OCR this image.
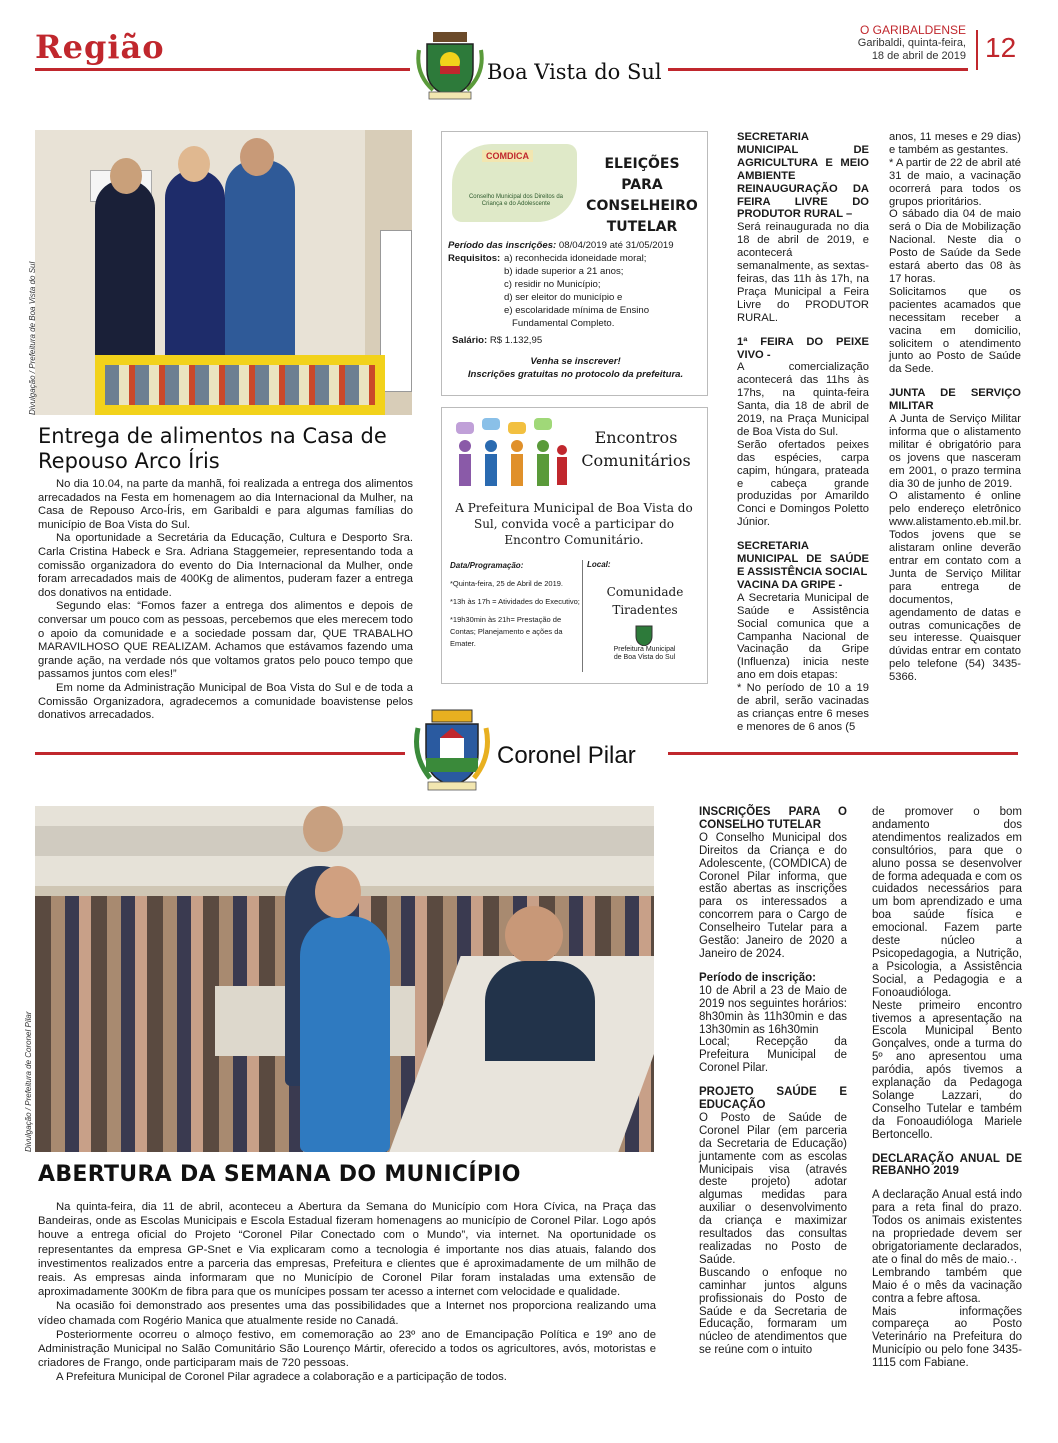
Região
Boa Vista do Sul
O GARIBALDENSE
Garibaldi, quinta-feira,
18 de abril de 2019 12
Divulgação / Prefeitura de Boa Vista do Sul
Entrega de alimentos na Casa de Repouso Arco Íris

No dia 10.04, na parte da manhã, foi realizada a entrega dos alimentos arrecadados na Festa em homenagem ao dia Internacional da Mulher, na Casa de Repouso Arco-Íris, em Garibaldi e para algumas famílias do município de Boa Vista do Sul.

Na oportunidade a Secretária da Educação, Cultura e Desporto Sra. Carla Cristina Habeck e Sra. Adriana Staggemeier, representando toda a comissão organizadora do evento do Dia Internacional da Mulher, onde foram arrecadados mais de 400Kg de alimentos, puderam fazer a entrega dos donativos na entidade.

Segundo elas: “Fomos fazer a entrega dos alimentos e depois de conversar um pouco com as pessoas, percebemos que eles merecem todo o apoio da comunidade e a sociedade possam dar, QUE TRABALHO MARAVILHOSO QUE REALIZAM. Achamos que estávamos fazendo uma grande ação, na verdade nós que voltamos gratos pelo pouco tempo que passamos juntos com eles!”

Em nome da Administração Municipal de Boa Vista do Sul e de toda a Comissão Organizadora, agradecemos a comunidade boavistense pelos donativos arrecadados.

COMDICA
Conselho Municipal dos Direitos da Criança e do Adolescente
ELEIÇÕES PARA CONSELHEIRO TUTELAR
Período das inscrições: 08/04/2019 até 31/05/2019
Requisitos: a) reconhecida idoneidade moral;
b) idade superior a 21 anos;
c) residir no Município;
d) ser eleitor do município e
e) escolaridade mínima de Ensino
Fundamental Completo.
Salário: R$ 1.132,95
Venha se inscrever!
Inscrições gratuitas no protocolo da prefeitura.
Encontros Comunitários
A Prefeitura Municipal de Boa Vista do Sul, convida você a participar do Encontro Comunitário.
Data/Programação:
*Quinta-feira, 25 de Abril de 2019.
*13h às 17h = Atividades do Executivo;
*19h30min às 21h= Prestação de Contas; Planejamento e ações da Emater.
Local:
Comunidade Tiradentes
Prefeitura Municipal
de Boa Vista do Sul

SECRETARIA MUNICIPAL DE AGRICULTURA E MEIO AMBIENTE

REINAUGURAÇÃO DA FEIRA LIVRE DO PRODUTOR RURAL –
Será reinaugurada no dia 18 de abril de 2019, e acontecerá semanalmente, as sextas-feiras, das 11h às 17h, na Praça Municipal a Feira Livre do PRODUTOR RURAL.

1ª FEIRA DO PEIXE VIVO -
A comercialização acontecerá das 11hs às 17hs, na quinta-feira Santa, dia 18 de abril de 2019, na Praça Municipal de Boa Vista do Sul.

Serão ofertados peixes das espécies, carpa capim, húngara, prateada e cabeça grande produzidas por Amarildo Conci e Domingos Poletto Júnior.

SECRETARIA MUNICIPAL DE SAÚDE E ASSISTÊNCIA SOCIAL

VACINA DA GRIPE -
A Secretaria Municipal de Saúde e Assistência Social comunica que a Campanha Nacional de Vacinação da Gripe (Influenza) inicia neste ano em dois etapas:

* No período de 10 a 19 de abril, serão vacinadas as crianças entre 6 meses e menores de 6 anos (5

anos, 11 meses e 29 dias) e também as gestantes.

* A partir de 22 de abril até 31 de maio, a vacinação ocorrerá para todos os grupos prioritários.

O sábado dia 04 de maio será o Dia de Mobilização Nacional. Neste dia o Posto de Saúde da Sede estará aberto das 08 às 17 horas.

Solicitamos que os pacientes acamados que necessitam receber a vacina em domicilio, solicitem o atendimento junto ao Posto de Saúde da Sede.

JUNTA DE SERVIÇO MILITAR

A Junta de Serviço Militar informa que o alistamento militar é obrigatório para os jovens que nasceram em 2001, o prazo termina dia 30 de junho de 2019.

O alistamento é online pelo endereço eletrônico www.alistamento.eb.mil.br. Todos jovens que se alistaram online deverão entrar em contato com a Junta de Serviço Militar para entrega de documentos, agendamento de datas e outras comunicações de seu interesse. Quaisquer dúvidas entrar em contato pelo telefone (54) 3435-5366.

Coronel Pilar
Divulgação / Prefeitura de Coronel Pilar
ABERTURA DA SEMANA DO MUNICÍPIO

Na quinta-feira, dia 11 de abril, aconteceu a Abertura da Semana do Município com Hora Cívica, na Praça das Bandeiras, onde as Escolas Municipais e Escola Estadual fizeram homenagens ao município de Coronel Pilar. Logo após houve a entrega oficial do Projeto “Coronel Pilar Conectado com o Mundo”, via internet. Na oportunidade os representantes da empresa GP-Snet e Via explicaram como a tecnologia é importante nos dias atuais, falando dos investimentos realizados entre a parceria das empresas, Prefeitura e clientes que é aproximadamente de um milhão de reais. As empresas ainda informaram que no Município de Coronel Pilar foram instaladas uma extensão de aproximadamente 300Km de fibra para que os munícipes possam ter acesso a internet com velocidade e qualidade.

Na ocasião foi demonstrado aos presentes uma das possibilidades que a Internet nos proporciona realizando uma vídeo chamada com Rogério Manica que atualmente reside no Canadá.

Posteriormente ocorreu o almoço festivo, em comemoração ao 23º ano de Emancipação Política e 19º ano de Administração Municipal no Salão Comunitário São Lourenço Mártir, oferecido a todos os agricultores, avós, motoristas e criadores de Frango, onde participaram mais de 720 pessoas.

A Prefeitura Municipal de Coronel Pilar agradece a colaboração e a participação de todos.

INSCRIÇÕES PARA O CONSELHO TUTELAR
O Conselho Municipal dos Direitos da Criança e do Adolescente, (COMDICA) de Coronel Pilar informa, que estão abertas as inscrições para os interessados a concorrem para o Cargo de Conselheiro Tutelar para a Gestão: Janeiro de 2020 a Janeiro de 2024.

Período de inscrição:
10 de Abril a 23 de Maio de 2019 nos seguintes horários: 8h30min às 11h30min e das 13h30min as 16h30min

Local; Recepção da Prefeitura Municipal de Coronel Pilar.

PROJETO SAÚDE E EDUCAÇÃO
O Posto de Saúde de Coronel Pilar (em parceria da Secretaria de Educação) juntamente com as escolas Municipais visa (através deste projeto) adotar algumas medidas para auxiliar o desenvolvimento da criança e maximizar resultados das consultas realizadas no Posto de Saúde.

Buscando o enfoque no caminhar juntos alguns profissionais do Posto de Saúde e da Secretaria de Educação, formaram um núcleo de atendimentos que se reúne com o intuito

de promover o bom andamento dos atendimentos realizados em consultórios, para que o aluno possa se desenvolver de forma adequada e com os cuidados necessários para um bom aprendizado e uma boa saúde física e emocional. Fazem parte deste núcleo a Psicopedagogia, a Nutrição, a Psicologia, a Assistência Social, a Pedagogia e a Fonoaudióloga.

Neste primeiro encontro tivemos a apresentação na Escola Municipal Bento Gonçalves, onde a turma do 5º ano apresentou uma paródia, após tivemos a explanação da Pedagoga Solange Lazzari, do Conselho Tutelar e também da Fonoaudióloga Mariele Bertoncello.

DECLARAÇÃO ANUAL DE REBANHO 2019

A declaração Anual está indo para a reta final do prazo. Todos os animais existentes na propriedade devem ser obrigatoriamente declarados, ate o final do mês de maio.·.

Lembrando também que Maio é o mês da vacinação contra a febre aftosa.

Mais informações compareça ao Posto Veterinário na Prefeitura do Município ou pelo fone 3435-1115 com Fabiane.
